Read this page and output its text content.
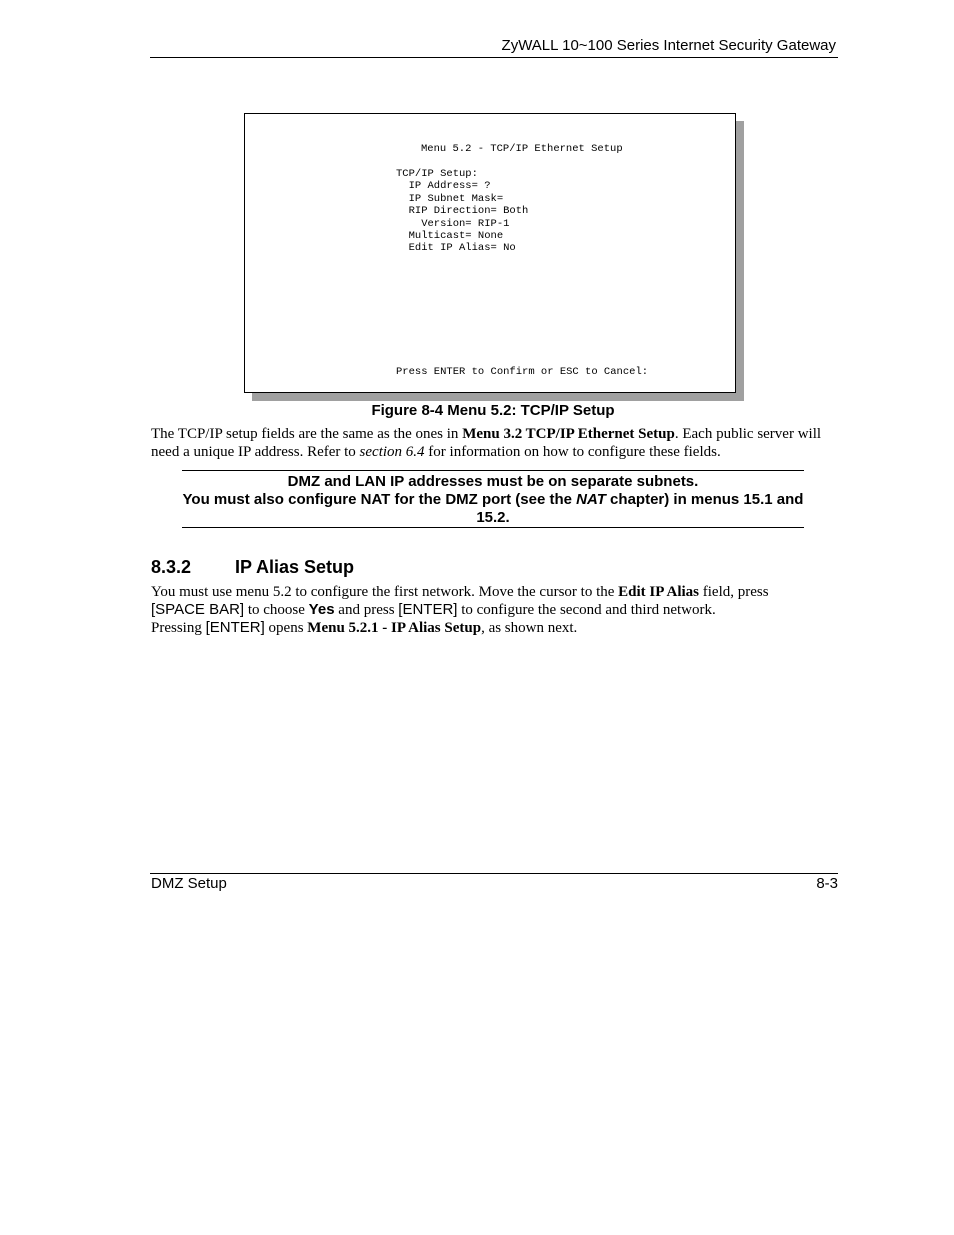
ZyWALL 10~100 Series Internet Security Gateway
Menu 5.2 - TCP/IP Ethernet Setup
TCP/IP Setup:
IP Address= ?
IP Subnet Mask=
RIP Direction= Both
Version= RIP-1
Multicast= None
Edit IP Alias= No
Press ENTER to Confirm or ESC to Cancel:
Figure 8-4 Menu 5.2: TCP/IP Setup
The TCP/IP setup fields are the same as the ones in Menu 3.2 TCP/IP Ethernet Setup. Each public server will need a unique IP address. Refer to section 6.4 for information on how to configure these fields.
DMZ and LAN IP addresses must be on separate subnets.
You must also configure NAT for the DMZ port (see the NAT chapter) in menus 15.1 and 15.2.
8.3.2 IP Alias Setup
You must use menu 5.2 to configure the first network. Move the cursor to the Edit IP Alias field, press
[SPACE BAR] to choose Yes and press [ENTER] to configure the second and third network.
Pressing [ENTER] opens Menu 5.2.1 - IP Alias Setup, as shown next.
DMZ Setup	8-3
